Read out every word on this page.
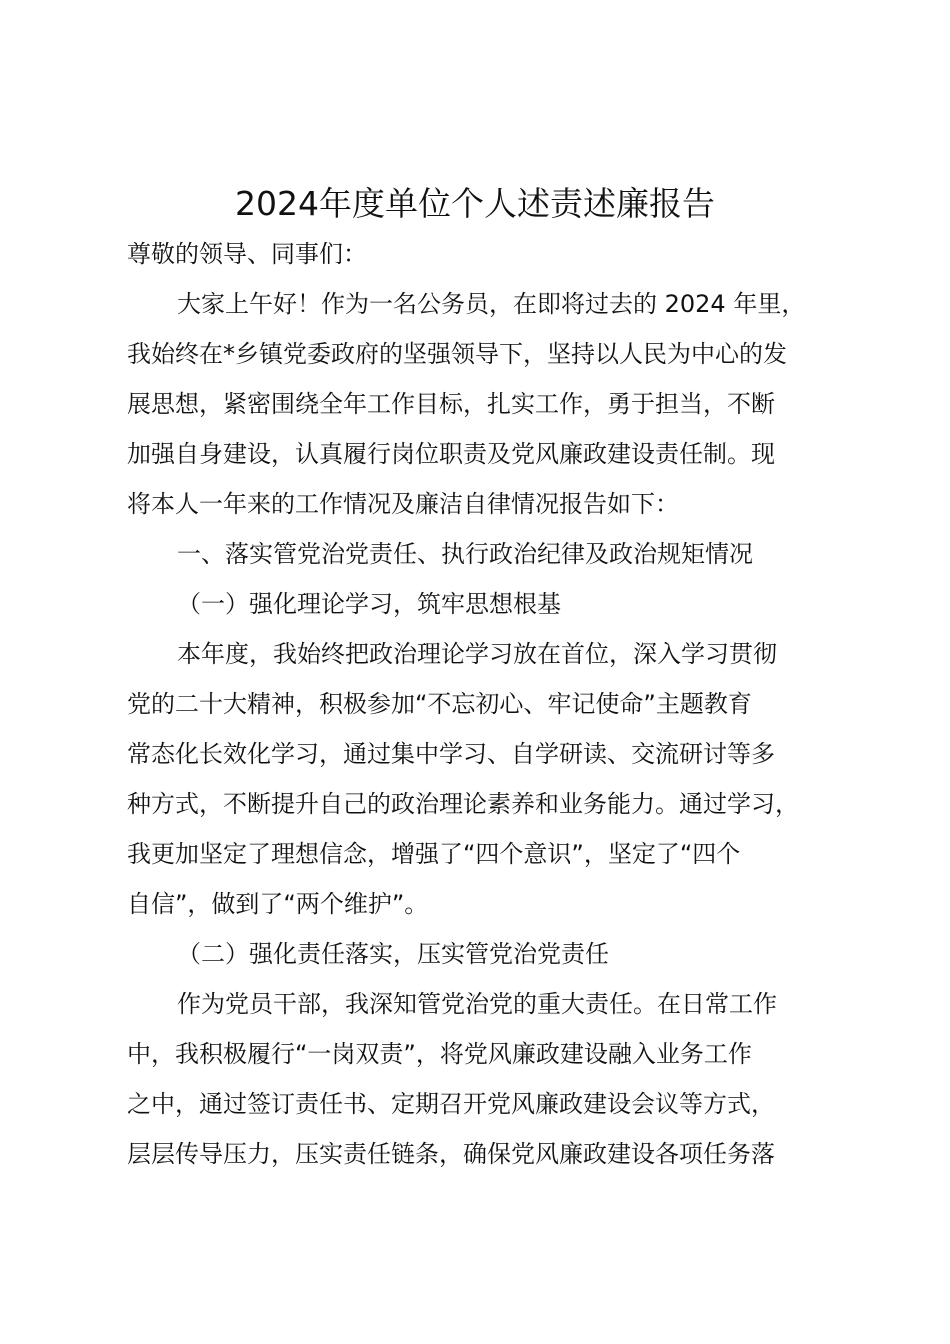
2024年度单位个人述责述廉报告
尊敬的领导、同事们：
大家上午好！作为一名公务员，在即将过去的 2024 年里，
我始终在*乡镇党委政府的坚强领导下，坚持以人民为中心的发
展思想，紧密围绕全年工作目标，扎实工作，勇于担当，不断
加强自身建设，认真履行岗位职责及党风廉政建设责任制。现
将本人一年来的工作情况及廉洁自律情况报告如下：
一、落实管党治党责任、执行政治纪律及政治规矩情况
（一）强化理论学习，筑牢思想根基
本年度，我始终把政治理论学习放在首位，深入学习贯彻
党的二十大精神，积极参加“不忘初心、牢记使命”主题教育
常态化长效化学习，通过集中学习、自学研读、交流研讨等多
种方式，不断提升自己的政治理论素养和业务能力。通过学习，
我更加坚定了理想信念，增强了“四个意识”，坚定了“四个
自信”，做到了“两个维护”。
（二）强化责任落实，压实管党治党责任
作为党员干部，我深知管党治党的重大责任。在日常工作
中，我积极履行“一岗双责”，将党风廉政建设融入业务工作
之中，通过签订责任书、定期召开党风廉政建设会议等方式，
层层传导压力，压实责任链条，确保党风廉政建设各项任务落
